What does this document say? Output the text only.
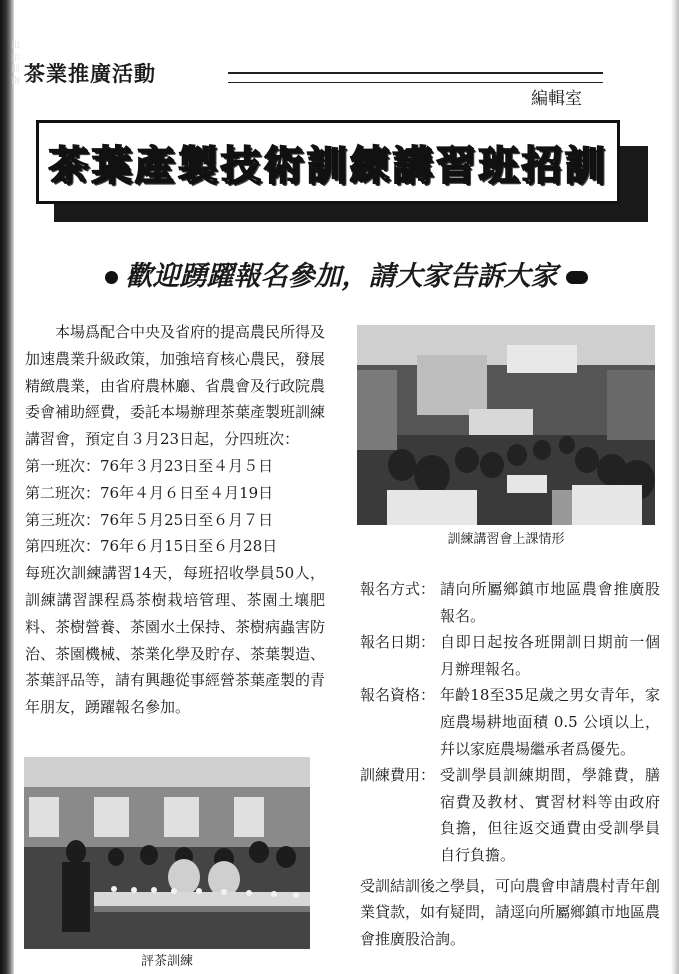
出 示 前 南 茶業推廣活動
編輯室
茶葉產製技術訓練講習班招訓
歡迎踴躍報名參加，請大家告訴大家

本場爲配合中央及省府的提高農民所得及加速農業升級政策，加強培育核心農民，發展精緻農業，由省府農林廳、省農會及行政院農委會補助經費，委託本場辦理茶葉產製班訓練講習會，預定自３月23日起，分四班次：

第一班次：76年３月23日至４月５日
第二班次：76年４月６日至４月19日
第三班次：76年５月25日至６月７日
第四班次：76年６月15日至６月28日

每班次訓練講習14天，每班招收學員50人，訓練講習課程爲茶樹栽培管理、茶園土壤肥料、茶樹營養、茶園水土保持、茶樹病蟲害防治、茶園機械、茶業化學及貯存、茶葉製造、茶葉評品等，請有興趣從事經營茶葉產製的青年朋友，踴躍報名參加。

訓練講習會上課情形
報名方式： 請向所屬鄉鎮市地區農會推廣股報名。
報名日期： 自即日起按各班開訓日期前一個月辦理報名。
報名資格： 年齡18至35足歲之男女青年，家庭農場耕地面積 0.5 公頃以上，幷以家庭農場繼承者爲優先。
訓練費用： 受訓學員訓練期間，學雜費，膳宿費及教材、實習材料等由政府負擔，但往返交通費由受訓學員自行負擔。

受訓結訓後之學員，可向農會申請農村青年創業貸款，如有疑問，請逕向所屬鄉鎮市地區農會推廣股洽詢。

評茶訓練
